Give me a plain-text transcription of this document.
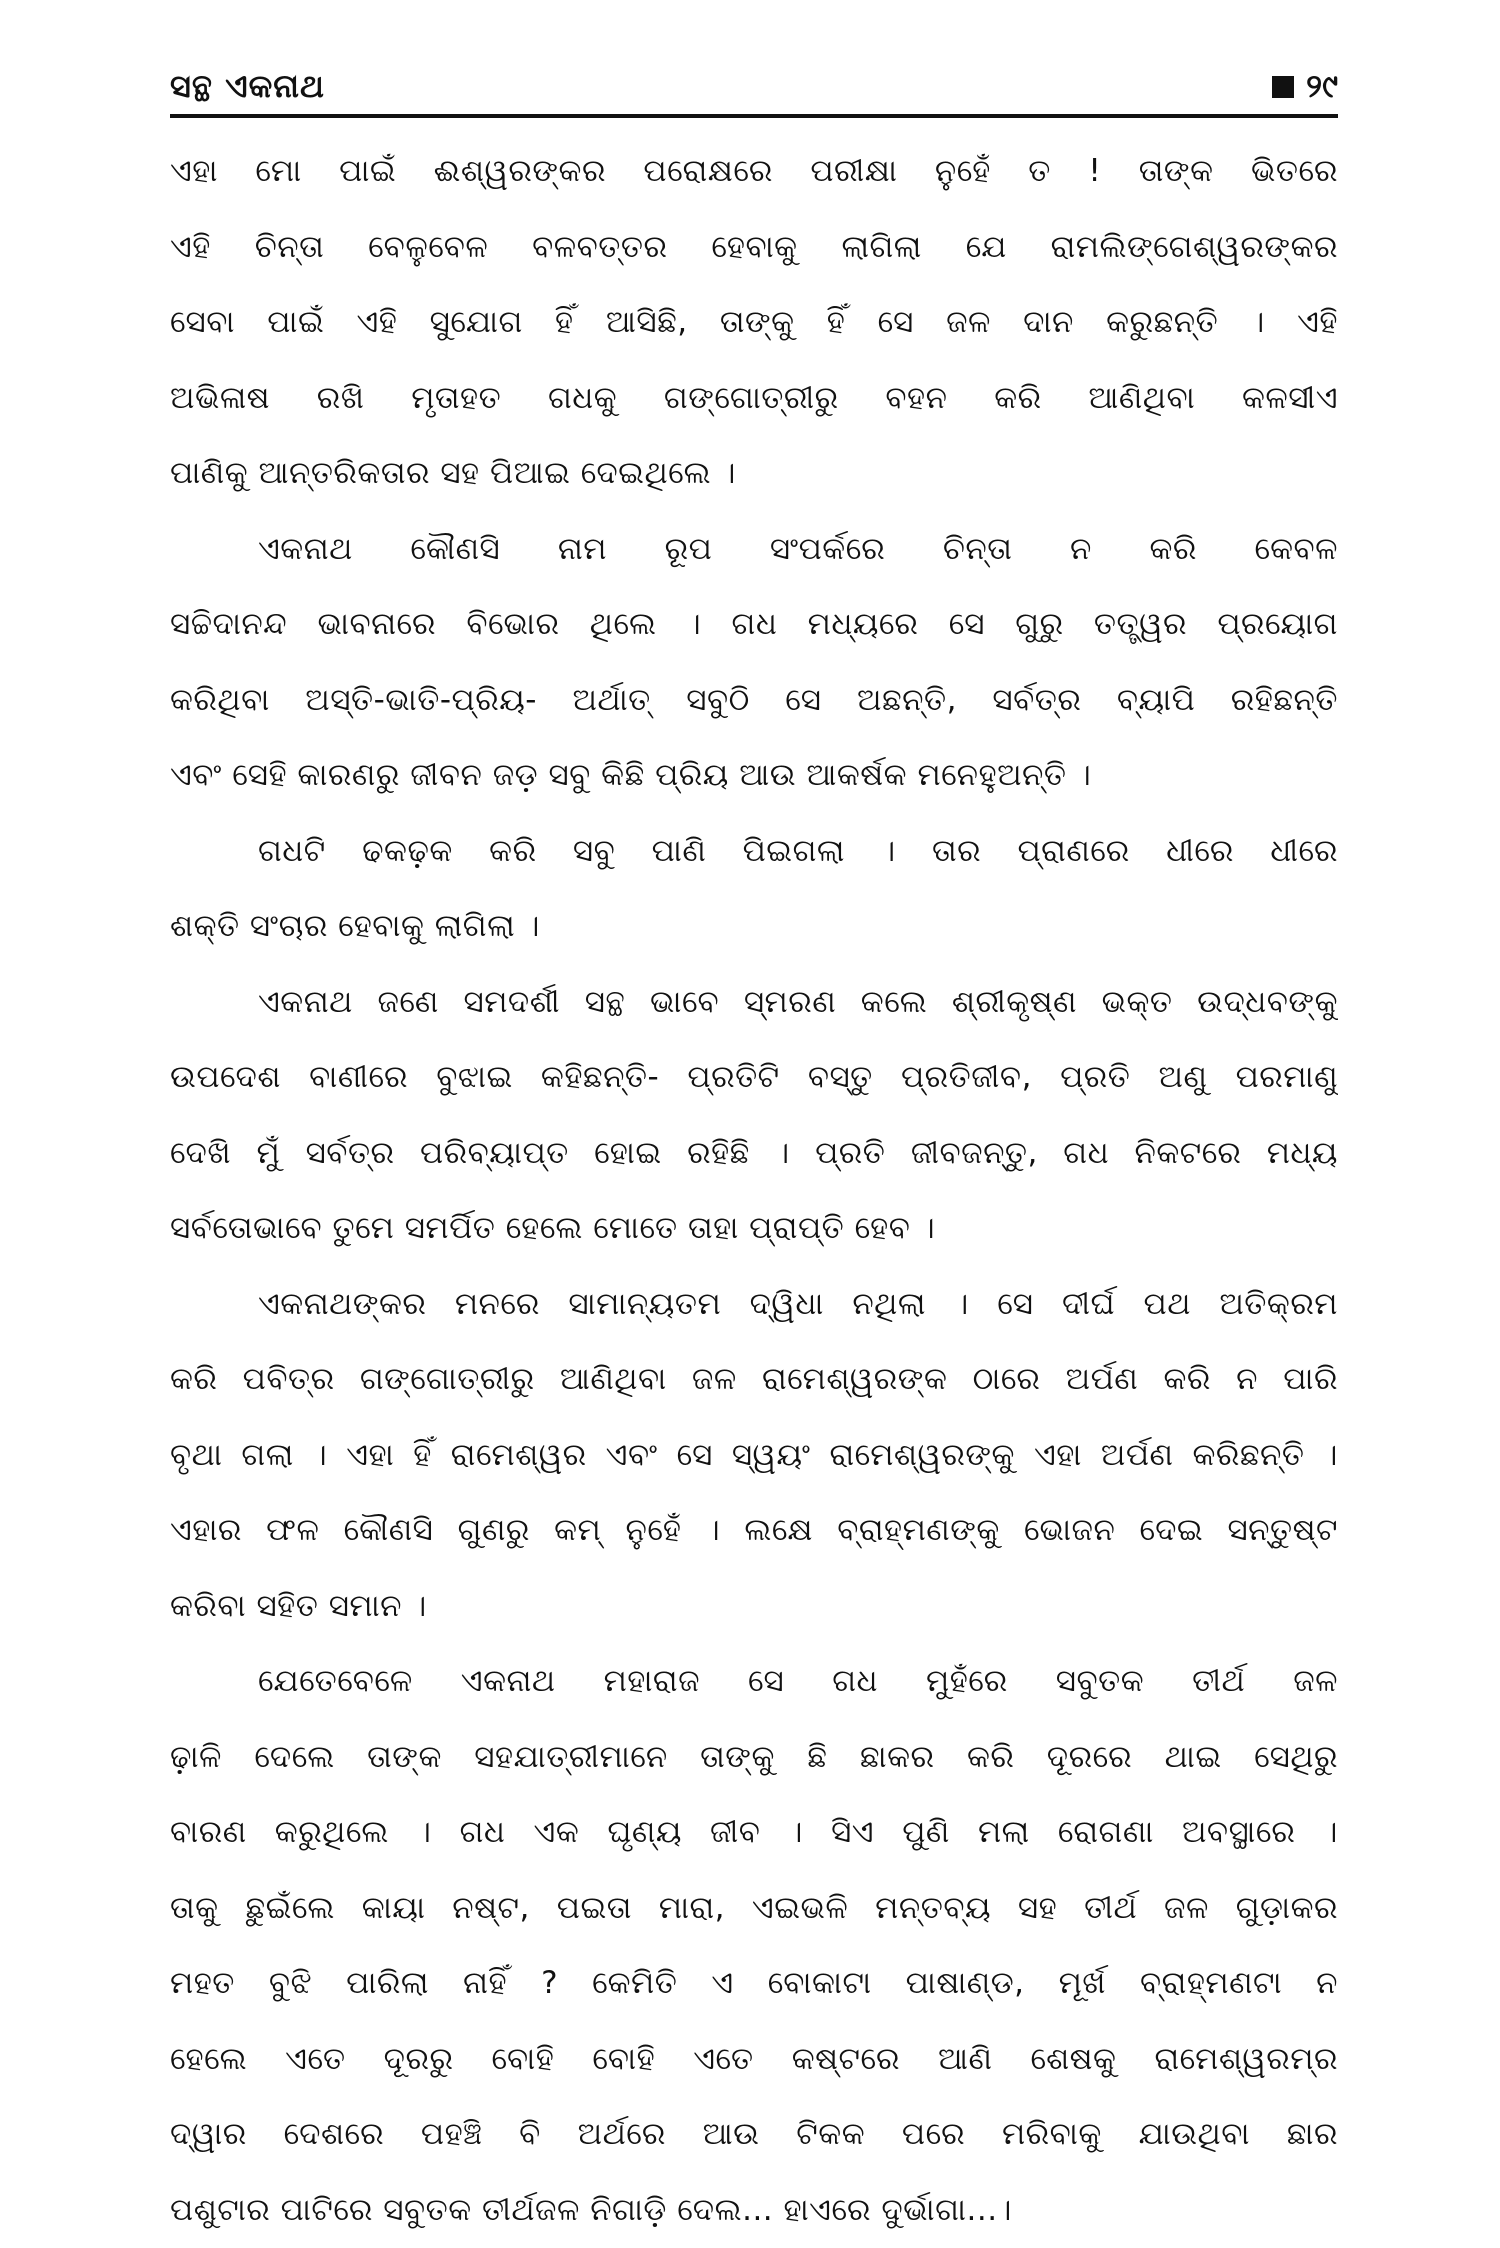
ସନ୍ଥ ଏକନାଥ	୨୯
ଏହା ମୋ ପାଇଁ ଈଶ୍ୱରଙ୍କର ପରୋକ୍ଷରେ ପରୀକ୍ଷା ନୁହେଁ ତ ! ତାଙ୍କ ଭିତରେ
ଏହି ଚିନ୍ତା ବେଳୁବେଳ ବଳବତ୍ତର ହେବାକୁ ଲାଗିଲା ଯେ ରାମଲିଙ୍ଗେଶ୍ୱରଙ୍କର
ସେବା ପାଇଁ ଏହି ସୁଯୋଗ ହିଁ ଆସିଛି, ତାଙ୍କୁ ହିଁ ସେ ଜଳ ଦାନ କରୁଛନ୍ତି । ଏହି
ଅଭିଳାଷ ରଖି ମୃତାହତ ଗଧକୁ ଗଙ୍ଗୋତ୍ରୀରୁ ବହନ କରି ଆଣିଥିବା କଳସୀଏ
ପାଣିକୁ ଆନ୍ତରିକତାର ସହ ପିଆଇ ଦେଇଥିଲେ ।
ଏକନାଥ କୌଣସି ନାମ ରୂପ ସଂପର୍କରେ ଚିନ୍ତା ନ କରି କେବଳ
ସଚ୍ଚିଦାନନ୍ଦ ଭାବନାରେ ବିଭୋର ଥିଲେ । ଗଧ ମଧ୍ୟରେ ସେ ଗୁରୁ ତତ୍ତ୍ୱର ପ୍ରୟୋଗ
କରିଥିବା ଅସ୍ତି-ଭାତି-ପ୍ରିୟ- ଅର୍ଥାତ୍ ସବୁଠି ସେ ଅଛନ୍ତି, ସର୍ବତ୍ର ବ୍ୟାପି ରହିଛନ୍ତି
ଏବଂ ସେହି କାରଣରୁ ଜୀବନ ଜଡ଼ ସବୁ କିଛି ପ୍ରିୟ ଆଉ ଆକର୍ଷକ ମନେହୁଅନ୍ତି ।
ଗଧଟି ଢକଢ଼କ କରି ସବୁ ପାଣି ପିଇଗଲା । ତାର ପ୍ରାଣରେ ଧୀରେ ଧୀରେ
ଶକ୍ତି ସଂଚାର ହେବାକୁ ଲାଗିଲା ।
ଏକନାଥ ଜଣେ ସମଦର୍ଶୀ ସନ୍ଥ ଭାବେ ସ୍ମରଣ କଲେ ଶ୍ରୀକୃଷ୍ଣ ଭକ୍ତ ଉଦ୍ଧବଙ୍କୁ
ଉପଦେଶ ବାଣୀରେ ବୁଝାଇ କହିଛନ୍ତି- ପ୍ରତିଟି ବସ୍ତୁ ପ୍ରତିଜୀବ, ପ୍ରତି ଅଣୁ ପରମାଣୁ
ଦେଖି ମୁଁ ସର୍ବତ୍ର ପରିବ୍ୟାପ୍ତ ହୋଇ ରହିଛି । ପ୍ରତି ଜୀବଜନ୍ତୁ, ଗଧ ନିକଟରେ ମଧ୍ୟ
ସର୍ବତୋଭାବେ ତୁମେ ସମର୍ପିତ ହେଲେ ମୋତେ ତାହା ପ୍ରାପ୍ତି ହେବ ।
ଏକନାଥଙ୍କର ମନରେ ସାମାନ୍ୟତମ ଦ୍ୱିଧା ନଥିଲା । ସେ ଦୀର୍ଘ ପଥ ଅତିକ୍ରମ
କରି ପବିତ୍ର ଗଙ୍ଗୋତ୍ରୀରୁ ଆଣିଥିବା ଜଳ ରାମେଶ୍ୱରଙ୍କ ଠାରେ ଅର୍ପଣ କରି ନ ପାରି
ବୃଥା ଗଲା । ଏହା ହିଁ ରାମେଶ୍ୱର ଏବଂ ସେ ସ୍ୱୟଂ ରାମେଶ୍ୱରଙ୍କୁ ଏହା ଅର୍ପଣ କରିଛନ୍ତି ।
ଏହାର ଫଳ କୌଣସି ଗୁଣରୁ କମ୍ ନୁହେଁ । ଲକ୍ଷେ ବ୍ରାହ୍ମଣଙ୍କୁ ଭୋଜନ ଦେଇ ସନ୍ତୁଷ୍ଟ
କରିବା ସହିତ ସମାନ ।
ଯେତେବେଳେ ଏକନାଥ ମହାରାଜ ସେ ଗଧ ମୁହଁରେ ସବୁତକ ତୀର୍ଥ ଜଳ
ଢ଼ାଳି ଦେଲେ ତାଙ୍କ ସହଯାତ୍ରୀମାନେ ତାଙ୍କୁ ଛି ଛାକର କରି ଦୂରରେ ଥାଇ ସେଥିରୁ
ବାରଣ କରୁଥିଲେ । ଗଧ ଏକ ଘୃଣ୍ୟ ଜୀବ । ସିଏ ପୁଣି ମଲା ରୋଗଣା ଅବସ୍ଥାରେ ।
ତାକୁ ଛୁଇଁଲେ କାୟା ନଷ୍ଟ, ପଇତା ମାରା, ଏଇଭଳି ମନ୍ତବ୍ୟ ସହ ତୀର୍ଥ ଜଳ ଗୁଡ଼ାକର
ମହତ ବୁଝି ପାରିଲା ନାହିଁ ? କେମିତି ଏ ବୋକାଟା ପାଷାଣ୍ଡ, ମୂର୍ଖ ବ୍ରାହ୍ମଣଟା ନ
ହେଲେ ଏତେ ଦୂରରୁ ବୋହି ବୋହି ଏତେ କଷ୍ଟରେ ଆଣି ଶେଷକୁ ରାମେଶ୍ୱରମ୍‌ର
ଦ୍ୱାର ଦେଶରେ ପହଞ୍ଚି ବି ଅର୍ଥରେ ଆଉ ଟିକକ ପରେ ମରିବାକୁ ଯାଉଥିବା ଛାର
ପଶୁଟାର ପାଟିରେ ସବୁତକ ତୀର୍ଥଜଳ ନିଗାଡ଼ି ଦେଲ... ହାଏରେ ଦୁର୍ଭାଗା...।
